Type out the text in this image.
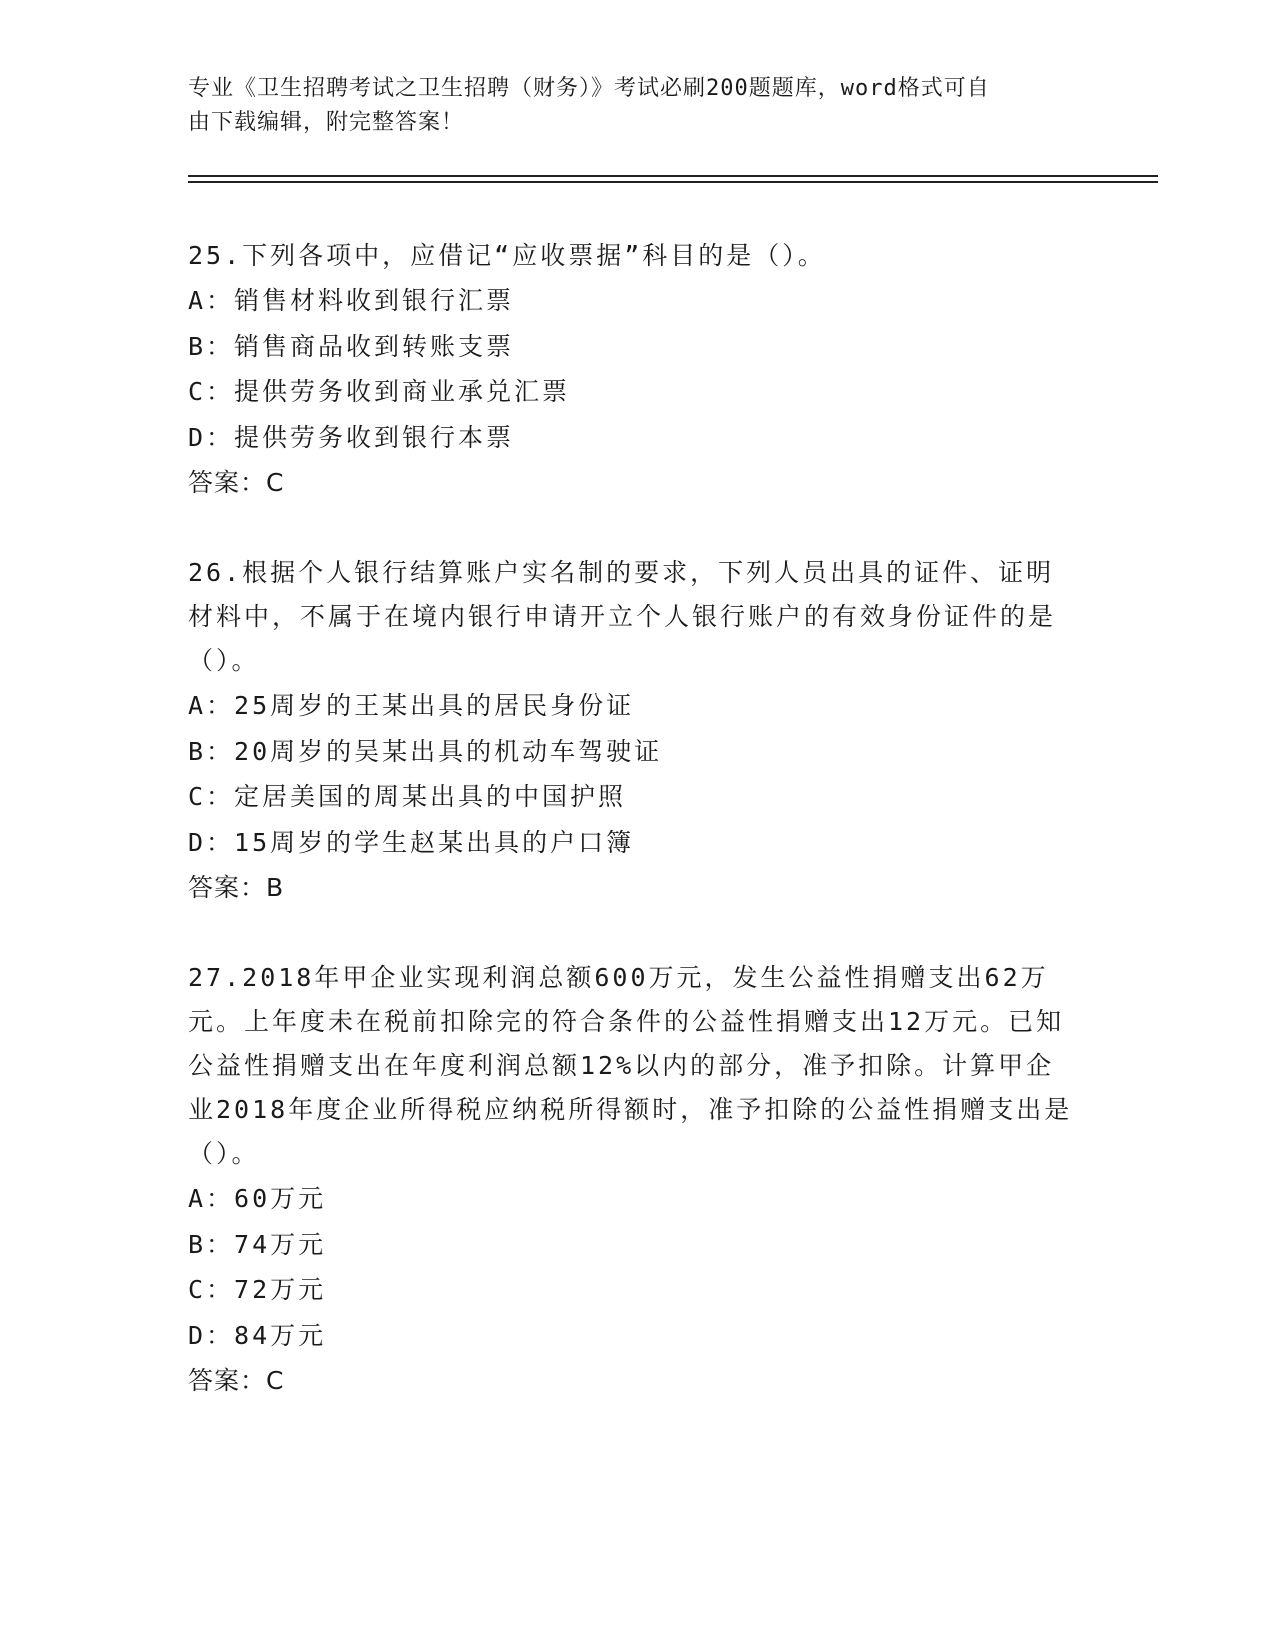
专业《卫生招聘考试之卫生招聘（财务）》考试必刷200题题库，word格式可自
由下载编辑，附完整答案！
25.下列各项中，应借记“应收票据”科目的是（）。
A：销售材料收到银行汇票
B：销售商品收到转账支票
C：提供劳务收到商业承兑汇票
D：提供劳务收到银行本票
答案：C
26.根据个人银行结算账户实名制的要求，下列人员出具的证件、证明材料中，不属于在境内银行申请开立个人银行账户的有效身份证件的是（）。
A：25周岁的王某出具的居民身份证
B：20周岁的吴某出具的机动车驾驶证
C：定居美国的周某出具的中国护照
D：15周岁的学生赵某出具的户口簿
答案：B
27.2018年甲企业实现利润总额600万元，发生公益性捐赠支出62万元。上年度未在税前扣除完的符合条件的公益性捐赠支出12万元。已知公益性捐赠支出在年度利润总额12%以内的部分，准予扣除。计算甲企业2018年度企业所得税应纳税所得额时，准予扣除的公益性捐赠支出是（）。
A：60万元
B：74万元
C：72万元
D：84万元
答案：C
